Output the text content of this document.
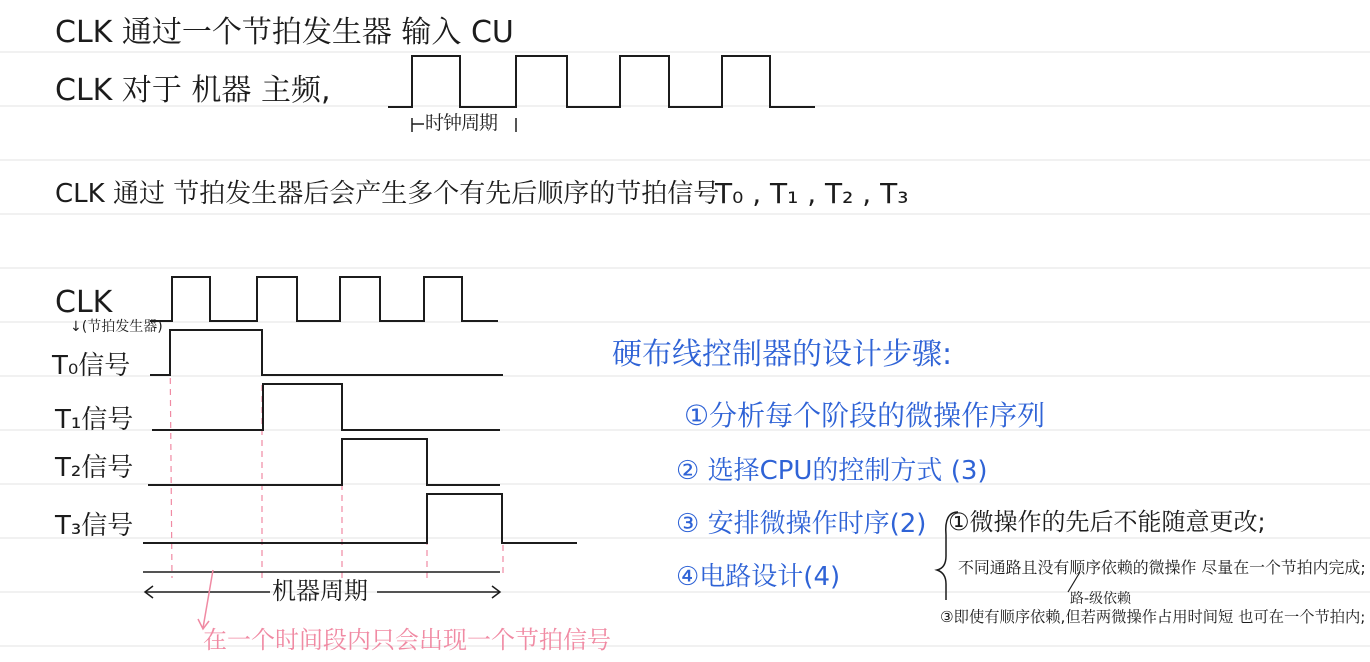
CLK 通过一个节拍发生器 输入 CU
CLK 对于 机器 主频,
时钟周期
CLK 通过 节拍发生器后会产生多个有先后顺序的节拍信号
T₀ , T₁ , T₂ , T₃
CLK
↓(节拍发生器)
T₀信号
T₁信号
T₂信号
T₃信号
机器周期
在一个时间段内只会出现一个节拍信号
硬布线控制器的设计步骤:
①分析每个阶段的微操作序列
② 选择CPU的控制方式 (3)
③ 安排微操作时序(2)
④电路设计(4)
①微操作的先后不能随意更改;
不同通路且没有顺序依赖的微操作 尽量在一个节拍内完成;
路-级依赖
③即使有顺序依赖,但若两微操作占用时间短 也可在一个节拍内;
